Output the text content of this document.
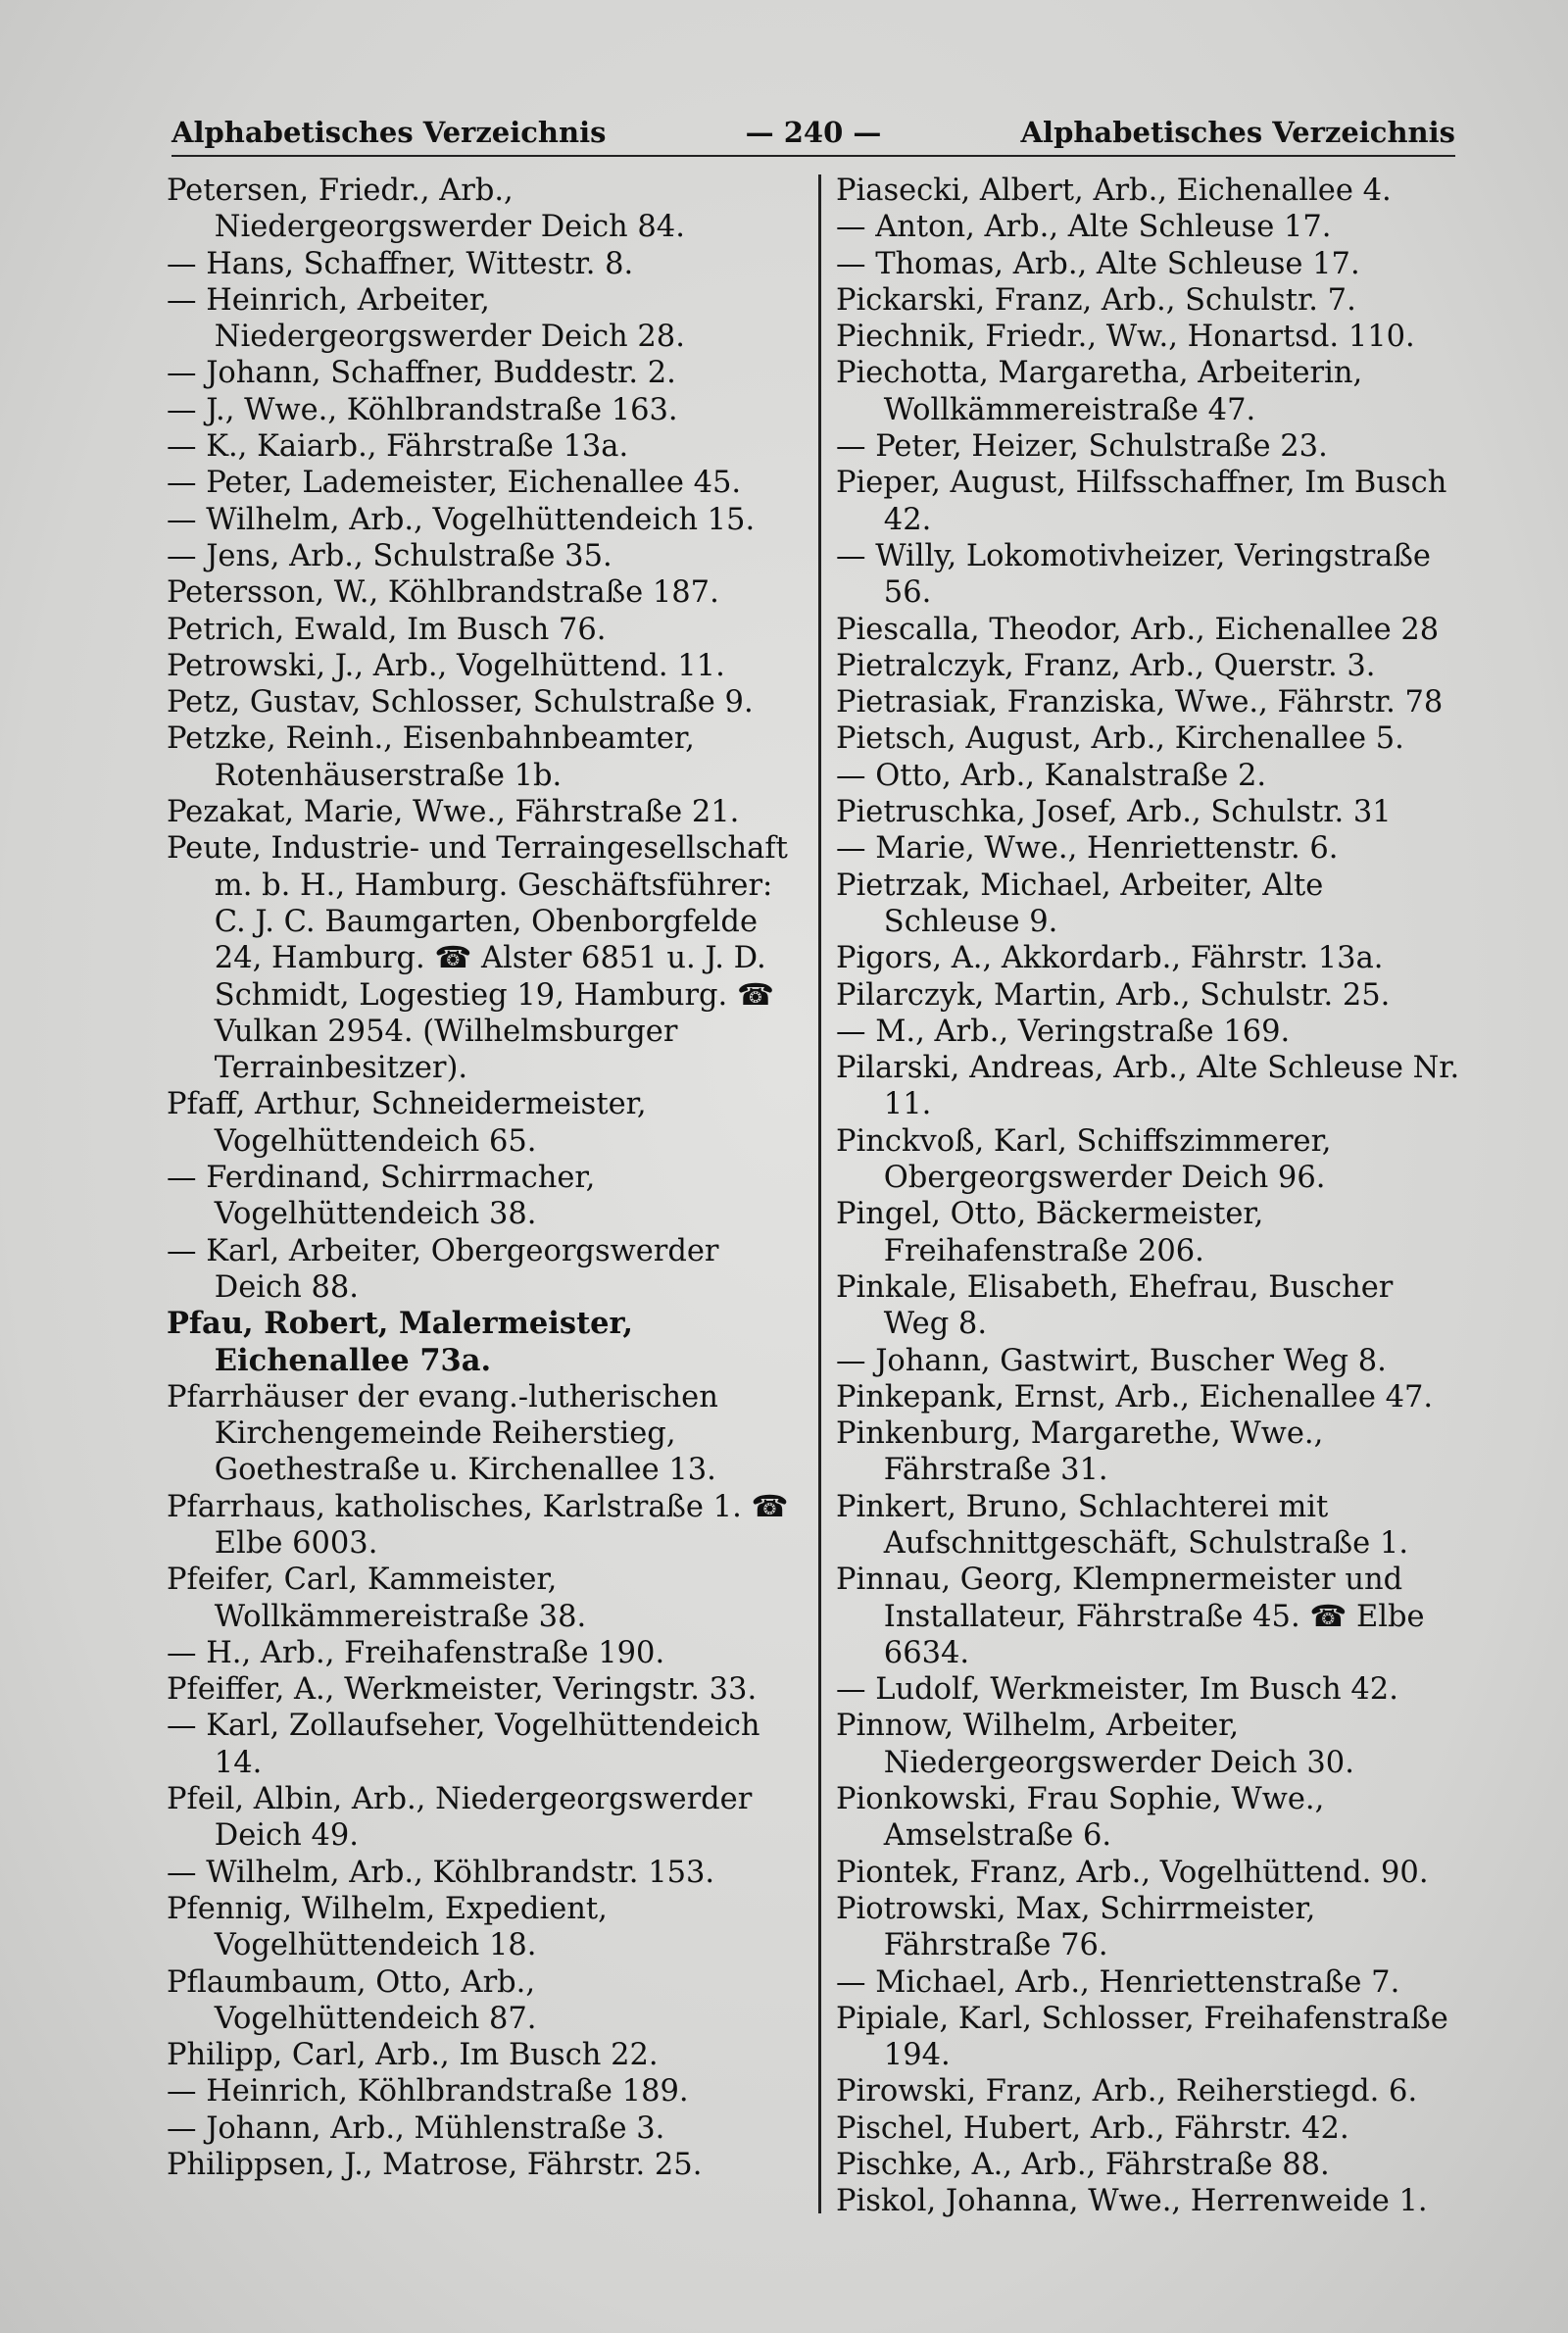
Alphabetisches Verzeichnis	— 240 —	Alphabetisches Verzeichnis

Petersen, Friedr., Arb., Niedergeorgswerder Deich 84.

— Hans, Schaffner, Wittestr. 8.

— Heinrich, Arbeiter, Niedergeorgswerder Deich 28.

— Johann, Schaffner, Buddestr. 2.

— J., Wwe., Köhlbrandstraße 163.

— K., Kaiarb., Fährstraße 13a.

— Peter, Lademeister, Eichenallee 45.

— Wilhelm, Arb., Vogelhüttendeich 15.

— Jens, Arb., Schulstraße 35.

Petersson, W., Köhlbrandstraße 187.

Petrich, Ewald, Im Busch 76.

Petrowski, J., Arb., Vogelhüttend. 11.

Petz, Gustav, Schlosser, Schulstraße 9.

Petzke, Reinh., Eisenbahnbeamter, Rotenhäuserstraße 1b.

Pezakat, Marie, Wwe., Fährstraße 21.

Peute, Industrie- und Terraingesellschaft m. b. H., Hamburg. Geschäftsführer: C. J. C. Baumgarten, Obenborgfelde 24, Hamburg. ☎ Alster 6851 u. J. D. Schmidt, Logestieg 19, Hamburg. ☎ Vulkan 2954. (Wilhelmsburger Terrainbesitzer).

Pfaff, Arthur, Schneidermeister, Vogelhüttendeich 65.

— Ferdinand, Schirrmacher, Vogelhüttendeich 38.

— Karl, Arbeiter, Obergeorgswerder Deich 88.

Pfau, Robert, Malermeister, Eichenallee 73a.

Pfarrhäuser der evang.-lutherischen Kirchengemeinde Reiherstieg, Goethestraße u. Kirchenallee 13.

Pfarrhaus, katholisches, Karlstraße 1. ☎ Elbe 6003.

Pfeifer, Carl, Kammeister, Wollkämmereistraße 38.

— H., Arb., Freihafenstraße 190.

Pfeiffer, A., Werkmeister, Veringstr. 33.

— Karl, Zollaufseher, Vogelhüttendeich 14.

Pfeil, Albin, Arb., Niedergeorgswerder Deich 49.

— Wilhelm, Arb., Köhlbrandstr. 153.

Pfennig, Wilhelm, Expedient, Vogelhüttendeich 18.

Pflaumbaum, Otto, Arb., Vogelhüttendeich 87.

Philipp, Carl, Arb., Im Busch 22.

— Heinrich, Köhlbrandstraße 189.

— Johann, Arb., Mühlenstraße 3.

Philippsen, J., Matrose, Fährstr. 25.

Piasecki, Albert, Arb., Eichenallee 4.

— Anton, Arb., Alte Schleuse 17.

— Thomas, Arb., Alte Schleuse 17.

Pickarski, Franz, Arb., Schulstr. 7.

Piechnik, Friedr., Ww., Honartsd. 110.

Piechotta, Margaretha, Arbeiterin, Wollkämmereistraße 47.

— Peter, Heizer, Schulstraße 23.

Pieper, August, Hilfsschaffner, Im Busch 42.

— Willy, Lokomotivheizer, Veringstraße 56.

Piescalla, Theodor, Arb., Eichenallee 28

Pietralczyk, Franz, Arb., Querstr. 3.

Pietrasiak, Franziska, Wwe., Fährstr. 78

Pietsch, August, Arb., Kirchenallee 5.

— Otto, Arb., Kanalstraße 2.

Pietruschka, Josef, Arb., Schulstr. 31

— Marie, Wwe., Henriettenstr. 6.

Pietrzak, Michael, Arbeiter, Alte Schleuse 9.

Pigors, A., Akkordarb., Fährstr. 13a.

Pilarczyk, Martin, Arb., Schulstr. 25.

— M., Arb., Veringstraße 169.

Pilarski, Andreas, Arb., Alte Schleuse Nr. 11.

Pinckvoß, Karl, Schiffszimmerer, Obergeorgswerder Deich 96.

Pingel, Otto, Bäckermeister, Freihafenstraße 206.

Pinkale, Elisabeth, Ehefrau, Buscher Weg 8.

— Johann, Gastwirt, Buscher Weg 8.

Pinkepank, Ernst, Arb., Eichenallee 47.

Pinkenburg, Margarethe, Wwe., Fährstraße 31.

Pinkert, Bruno, Schlachterei mit Aufschnittgeschäft, Schulstraße 1.

Pinnau, Georg, Klempnermeister und Installateur, Fährstraße 45. ☎ Elbe 6634.

— Ludolf, Werkmeister, Im Busch 42.

Pinnow, Wilhelm, Arbeiter, Niedergeorgswerder Deich 30.

Pionkowski, Frau Sophie, Wwe., Amselstraße 6.

Piontek, Franz, Arb., Vogelhüttend. 90.

Piotrowski, Max, Schirrmeister, Fährstraße 76.

— Michael, Arb., Henriettenstraße 7.

Pipiale, Karl, Schlosser, Freihafenstraße 194.

Pirowski, Franz, Arb., Reiherstiegd. 6.

Pischel, Hubert, Arb., Fährstr. 42.

Pischke, A., Arb., Fährstraße 88.

Piskol, Johanna, Wwe., Herrenweide 1.
